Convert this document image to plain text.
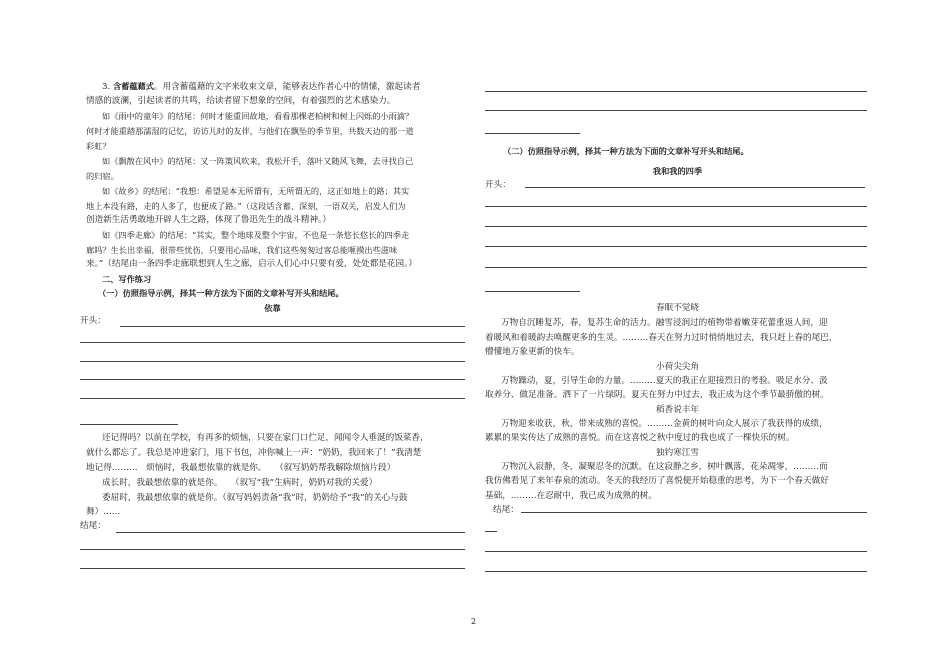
3. 含蓄蕴藉式。用含蓄蕴藉的文字来收束文章，能够表达作者心中的情愫，激起读者
情感的波澜，引起读者的共鸣，给读者留下想象的空间，有着强烈的艺术感染力。
如《雨中的童年》的结尾：何时才能重回故地，看看那棵老柏树和树上闪烁的小雨滴？
何时才能重踏那濡湿的记忆，访访儿时的友伴，与他们在飘坠的季节里，共数天边的那一道
彩虹？
如《飘散在风中》的结尾：又一阵策风吹来，我松开手，落叶又随风飞舞，去寻找自己
的归宿。
如《故乡》的结尾：“我想：希望是本无所谓有，无所谓无的，这正如地上的路；其实
地上本没有路，走的人多了，也便成了路。”（这段话含蓄、深刻，一语双关，启发人们为
创造新生活勇敢地开辟人生之路，体现了鲁迅先生的战斗精神。）
如《四季走廊》的结尾：“其实，整个地球及整个宇宙，不也是一条悠长悠长的四季走
廊吗？生长出幸福，很带些忧伤，只要用心品味，我们这些匆匆过客总能咂摸出些滋味
来。”（结尾由一条四季走廊联想到人生之廊，启示人们心中只要有爱，处处都是花园。）
二、写作练习
（一）仿照指导示例，择其一种方法为下面的文章补写开头和结尾。
依靠
开头：
还记得吗？以前在学校，有再多的烦恼，只要在家门口伫足，闻闻令人垂涎的饭菜香，
就什么都忘了。我总是冲进家门，甩下书包，冲你喊上一声：“奶奶，我回来了！”我清楚
地记得………　烦恼时，我最想依靠的就是你。　　（叙写奶奶帮我解除烦恼片段）
成长时，我最想依靠的就是你。　　（叙写“我”生病时，奶奶对我的关爱）
委屈时，我最想依靠的就是你。（叙写妈妈责备“我”时，奶奶给予“我”的关心与鼓
舞）……
结尾：
（二）仿照指导示例，择其一种方法为下面的文章补写开头和结尾。
我和我的四季
开头：
春眠不觉晓
万物自沉睡复苏，春，复苏生命的活力。融雪浸润过的植物带着嫩芽花蕾重返人间，迎
着暖风和着暖韵去唤醒更多的生灵。………春天在努力过时悄悄地过去，我只赶上春的尾巴，
懵懂地万象更新的快车。
小荷尖尖角
万物躁动，夏，引导生命的力量。………夏天的我正在迎接烈日的考验。吸足水分、汲
取养分、做足准备。洒下了一片绿阴。夏天在努力中过去，我正成为这个季节最骄傲的树。
稻香说丰年
万物迎来收获，秋，带来成熟的喜悦。………金黄的树叶向众人展示了我获得的成绩，
累累的果实传达了成熟的喜悦。而在这喜悦之秋中度过的我也成了一棵快乐的树。
独钓寒江雪
万物沉入寂静，冬，凝聚忍冬的沉默。在这寂静之乡，树叶飘落，花朵凋零，………而
我仿佛看见了来年春泉的流动。冬天的我经历了喜悦便开始稳重的思考，为下一个春天做好
基础，………在忍耐中，我已成为成熟的树。
结尾：
2
